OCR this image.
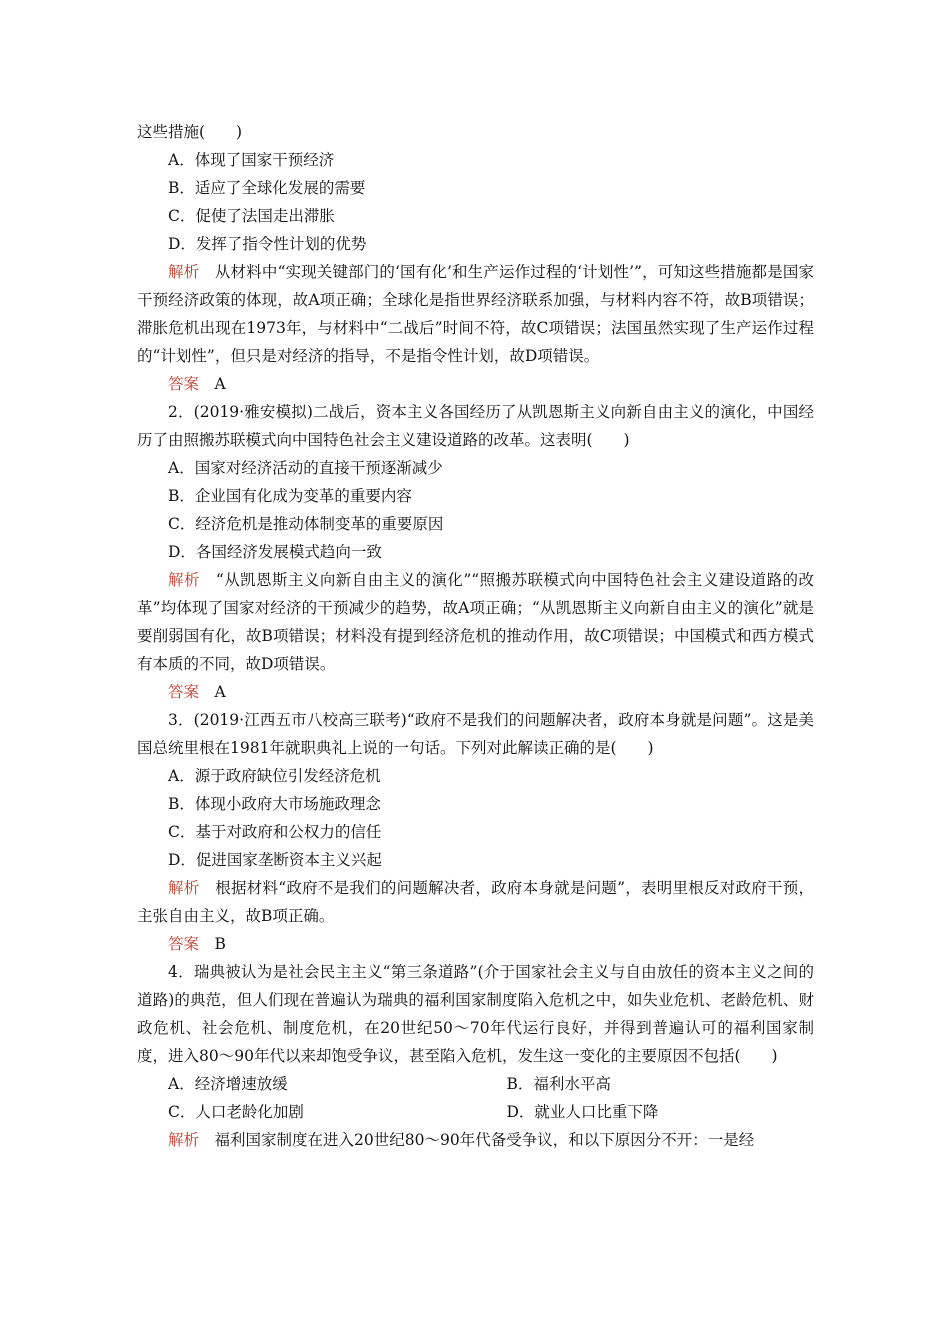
这些措施(　　)

A．体现了国家干预经济

B．适应了全球化发展的需要

C．促使了法国走出滞胀

D．发挥了指令性计划的优势

解析　 从材料中“实现关键部门的‘国有化’和生产运作过程的‘计划性’”，可知这些措施都是国家干预经济政策的体现，故A项正确；全球化是指世界经济联系加强，与材料内容不符，故B项错误；滞胀危机出现在1973年，与材料中“二战后”时间不符，故C项错误；法国虽然实现了生产运作过程的“计划性”，但只是对经济的指导，不是指令性计划，故D项错误。

答案　 A

2．(2019·雅安模拟)二战后，资本主义各国经历了从凯恩斯主义向新自由主义的演化，中国经历了由照搬苏联模式向中国特色社会主义建设道路的改革。这表明(　　)

A．国家对经济活动的直接干预逐渐减少

B．企业国有化成为变革的重要内容

C．经济危机是推动体制变革的重要原因

D．各国经济发展模式趋向一致

解析　 “从凯恩斯主义向新自由主义的演化”“照搬苏联模式向中国特色社会主义建设道路的改革”均体现了国家对经济的干预减少的趋势，故A项正确；“从凯恩斯主义向新自由主义的演化”就是要削弱国有化，故B项错误；材料没有提到经济危机的推动作用，故C项错误；中国模式和西方模式有本质的不同，故D项错误。

答案　 A

3．(2019·江西五市八校高三联考)“政府不是我们的问题解决者，政府本身就是问题”。这是美国总统里根在1981年就职典礼上说的一句话。下列对此解读正确的是(　　)

A．源于政府缺位引发经济危机

B．体现小政府大市场施政理念

C．基于对政府和公权力的信任

D．促进国家垄断资本主义兴起

解析　 根据材料“政府不是我们的问题解决者，政府本身就是问题”，表明里根反对政府干预，主张自由主义，故B项正确。

答案　 B

4．瑞典被认为是社会民主主义“第三条道路”(介于国家社会主义与自由放任的资本主义之间的道路)的典范，但人们现在普遍认为瑞典的福利国家制度陷入危机之中，如失业危机、老龄危机、财政危机、社会危机、制度危机，在20世纪50～70年代运行良好，并得到普遍认可的福利国家制度，进入80～90年代以来却饱受争议，甚至陷入危机，发生这一变化的主要原因不包括(　　)

A．经济增速放缓	B．福利水平高
C．人口老龄化加剧	D．就业人口比重下降

解析　 福利国家制度在进入20世纪80～90年代备受争议，和以下原因分不开：一是经
